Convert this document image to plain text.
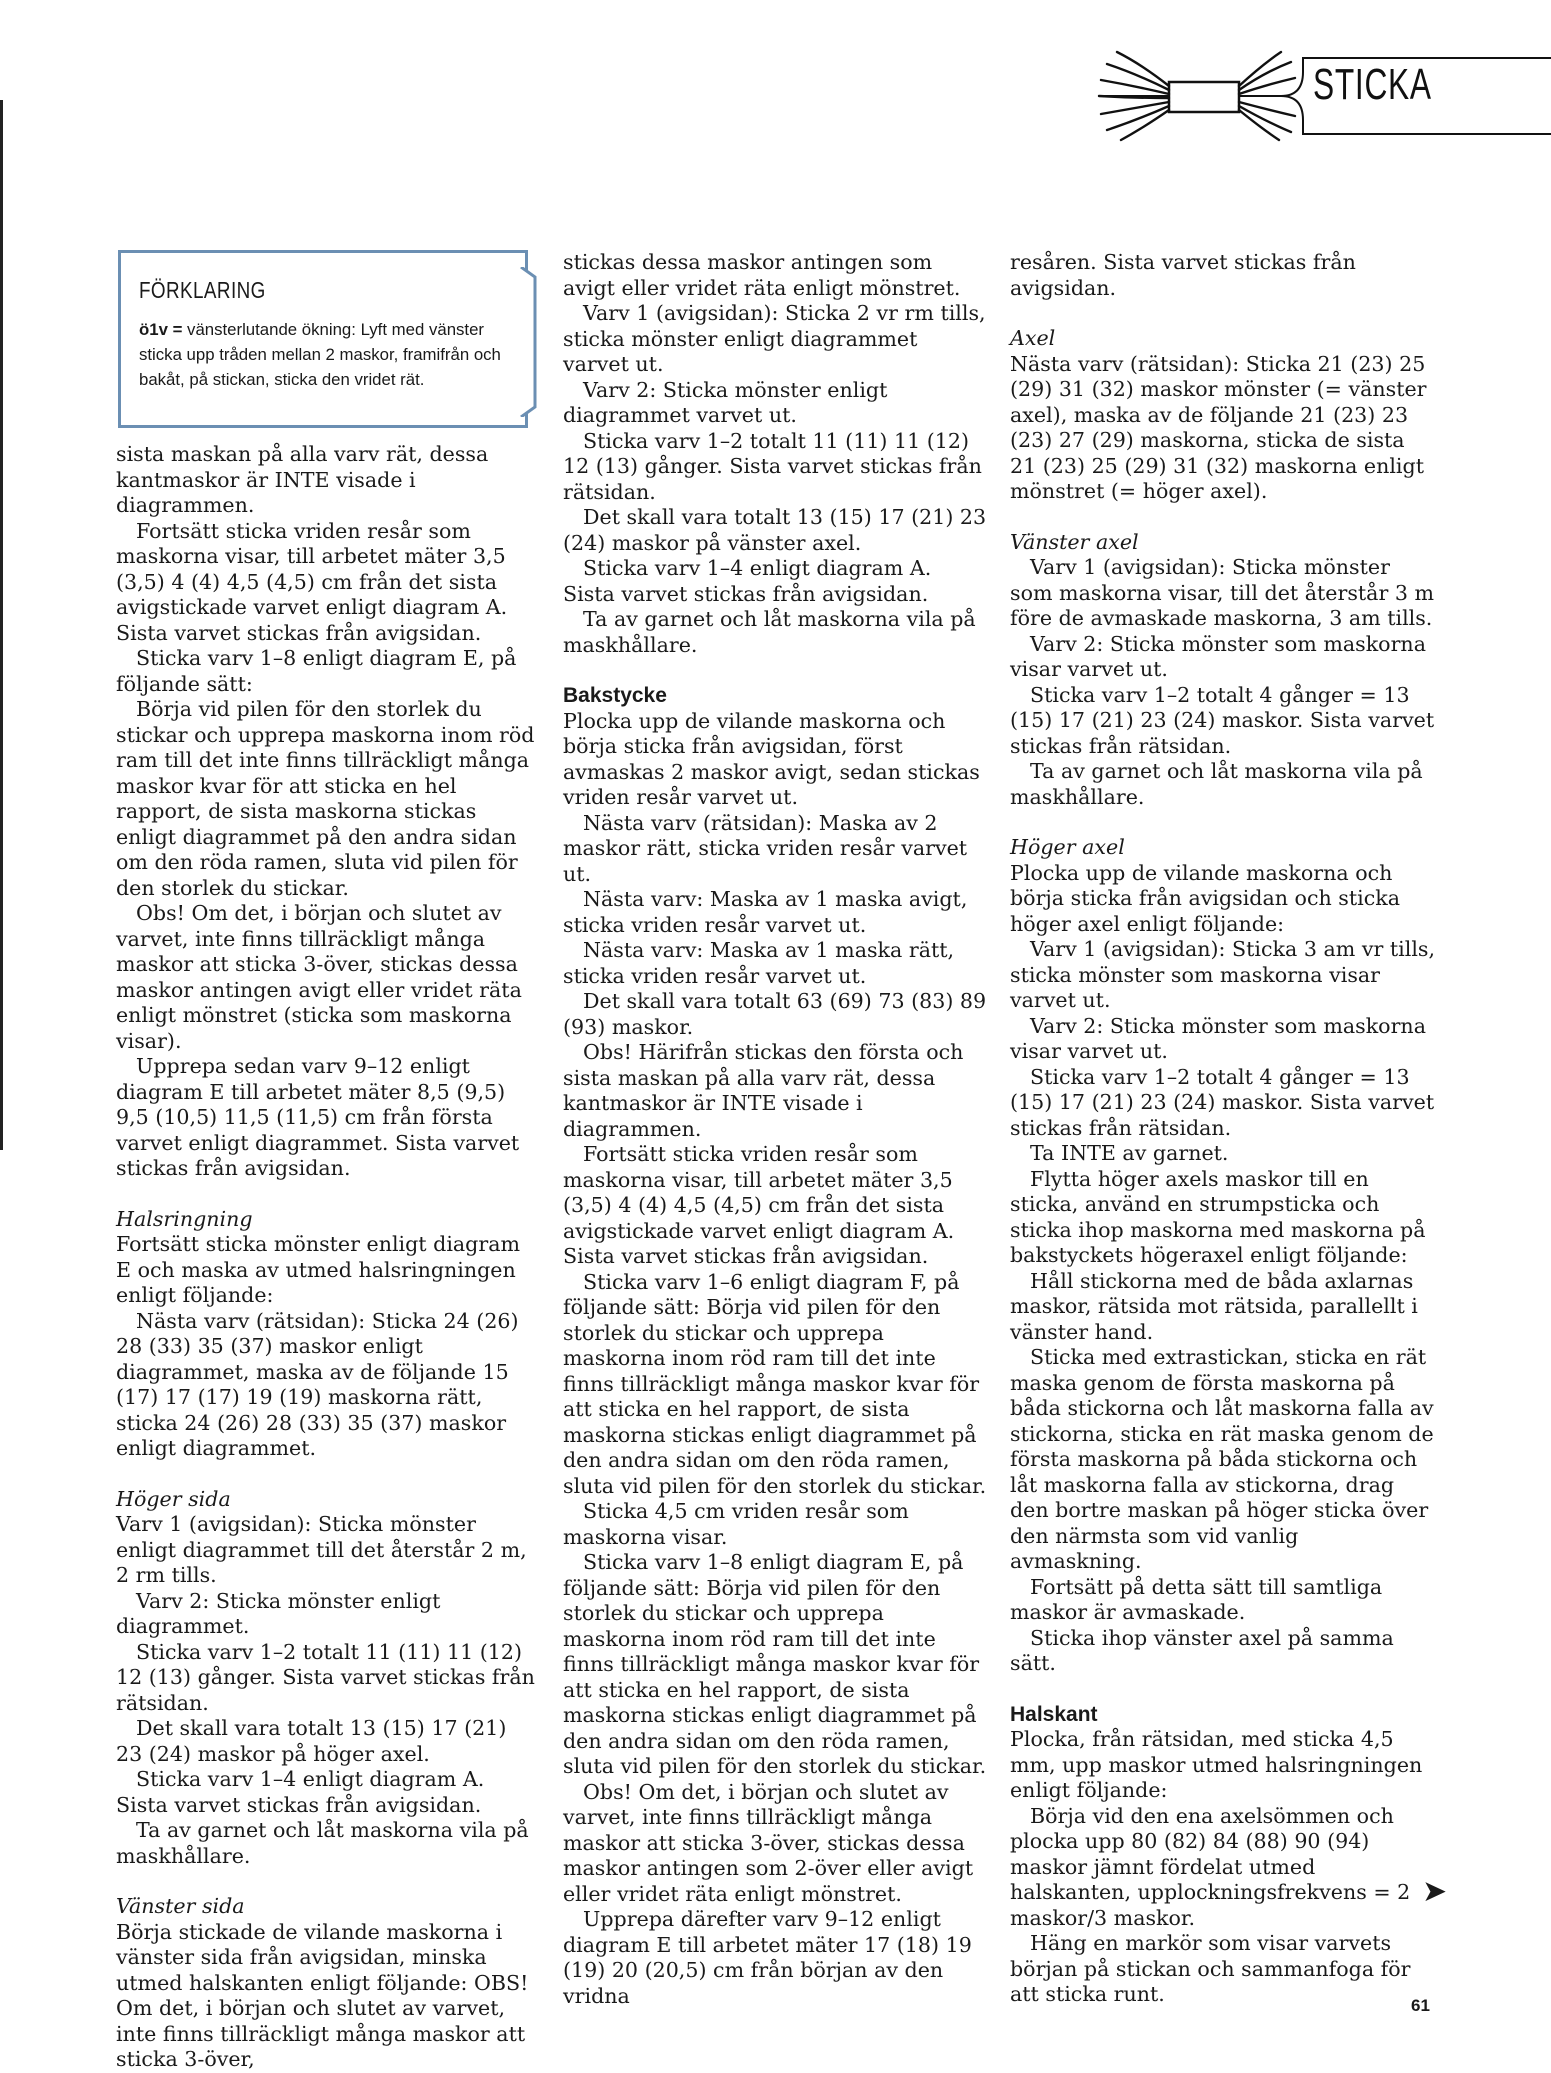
STICKA
FÖRKLARING
ö1v = vänsterlutande ökning: Lyft med vänster sticka upp tråden mellan 2 maskor, framifrån och bakåt, på stickan, sticka den vridet rät.

sista maskan på alla varv rät, dessa kantmaskor är INTE visade i diagrammen.

Fortsätt sticka vriden resår som maskorna visar, till arbetet mäter 3,5 (3,5) 4 (4) 4,5 (4,5) cm från det sista avigstickade varvet enligt diagram A. Sista varvet stickas från avigsidan.

Sticka varv 1–8 enligt diagram E, på följande sätt:

Börja vid pilen för den storlek du stickar och upprepa maskorna inom röd ram till det inte finns tillräckligt många maskor kvar för att sticka en hel rapport, de sista maskorna stickas enligt diagrammet på den andra sidan om den röda ramen, sluta vid pilen för den storlek du stickar.

Obs! Om det, i början och slutet av varvet, inte finns tillräckligt många maskor att sticka 3-över, stickas dessa maskor antingen avigt eller vridet räta enligt mönstret (sticka som maskorna visar).

Upprepa sedan varv 9–12 enligt diagram E till arbetet mäter 8,5 (9,5) 9,5 (10,5) 11,5 (11,5) cm från första varvet enligt diagrammet. Sista varvet stickas från avigsidan.

Halsringning

Fortsätt sticka mönster enligt diagram E och maska av utmed halsringningen enligt följande:

Nästa varv (rätsidan): Sticka 24 (26) 28 (33) 35 (37) maskor enligt diagrammet, maska av de följande 15 (17) 17 (17) 19 (19) maskorna rätt, sticka 24 (26) 28 (33) 35 (37) maskor enligt diagrammet.

Höger sida

Varv 1 (avigsidan): Sticka mönster enligt diagrammet till det återstår 2 m, 2 rm tills.

Varv 2: Sticka mönster enligt diagrammet.

Sticka varv 1–2 totalt 11 (11) 11 (12) 12 (13) gånger. Sista varvet stickas från rätsidan.

Det skall vara totalt 13 (15) 17 (21) 23 (24) maskor på höger axel.

Sticka varv 1–4 enligt diagram A. Sista varvet stickas från avigsidan.

Ta av garnet och låt maskorna vila på maskhållare.

Vänster sida

Börja stickade de vilande maskorna i vänster sida från avigsidan, minska utmed halskanten enligt följande: OBS! Om det, i början och slutet av varvet, inte finns tillräckligt många maskor att sticka 3-över,

stickas dessa maskor antingen som avigt eller vridet räta enligt mönstret.

Varv 1 (avigsidan): Sticka 2 vr rm tills, sticka mönster enligt diagrammet varvet ut.

Varv 2: Sticka mönster enligt diagrammet varvet ut.

Sticka varv 1–2 totalt 11 (11) 11 (12) 12 (13) gånger. Sista varvet stickas från rätsidan.

Det skall vara totalt 13 (15) 17 (21) 23 (24) maskor på vänster axel.

Sticka varv 1–4 enligt diagram A. Sista varvet stickas från avigsidan.

Ta av garnet och låt maskorna vila på maskhållare.

Bakstycke

Plocka upp de vilande maskorna och börja sticka från avigsidan, först avmaskas 2 maskor avigt, sedan stickas vriden resår varvet ut.

Nästa varv (rätsidan): Maska av 2 maskor rätt, sticka vriden resår varvet ut.

Nästa varv: Maska av 1 maska avigt, sticka vriden resår varvet ut.

Nästa varv: Maska av 1 maska rätt, sticka vriden resår varvet ut.

Det skall vara totalt 63 (69) 73 (83) 89 (93) maskor.

Obs! Härifrån stickas den första och sista maskan på alla varv rät, dessa kantmaskor är INTE visade i diagrammen.

Fortsätt sticka vriden resår som maskorna visar, till arbetet mäter 3,5 (3,5) 4 (4) 4,5 (4,5) cm från det sista avigstickade varvet enligt diagram A. Sista varvet stickas från avigsidan.

Sticka varv 1–6 enligt diagram F, på följande sätt: Börja vid pilen för den storlek du stickar och upprepa maskorna inom röd ram till det inte finns tillräckligt många maskor kvar för att sticka en hel rapport, de sista maskorna stickas enligt diagrammet på den andra sidan om den röda ramen, sluta vid pilen för den storlek du stickar.

Sticka 4,5 cm vriden resår som maskorna visar.

Sticka varv 1–8 enligt diagram E, på följande sätt: Börja vid pilen för den storlek du stickar och upprepa maskorna inom röd ram till det inte finns tillräckligt många maskor kvar för att sticka en hel rapport, de sista maskorna stickas enligt diagrammet på den andra sidan om den röda ramen, sluta vid pilen för den storlek du stickar.

Obs! Om det, i början och slutet av varvet, inte finns tillräckligt många maskor att sticka 3-över, stickas dessa maskor antingen som 2-över eller avigt eller vridet räta enligt mönstret.

Upprepa därefter varv 9–12 enligt diagram E till arbetet mäter 17 (18) 19 (19) 20 (20,5) cm från början av den vridna

resåren. Sista varvet stickas från avigsidan.

Axel

Nästa varv (rätsidan): Sticka 21 (23) 25 (29) 31 (32) maskor mönster (= vänster axel), maska av de följande 21 (23) 23 (23) 27 (29) maskorna, sticka de sista 21 (23) 25 (29) 31 (32) maskorna enligt mönstret (= höger axel).

Vänster axel

Varv 1 (avigsidan): Sticka mönster som maskorna visar, till det återstår 3 m före de avmaskade maskorna, 3 am tills.

Varv 2: Sticka mönster som maskorna visar varvet ut.

Sticka varv 1–2 totalt 4 gånger = 13 (15) 17 (21) 23 (24) maskor. Sista varvet stickas från rätsidan.

Ta av garnet och låt maskorna vila på maskhållare.

Höger axel

Plocka upp de vilande maskorna och börja sticka från avigsidan och sticka höger axel enligt följande:

Varv 1 (avigsidan): Sticka 3 am vr tills, sticka mönster som maskorna visar varvet ut.

Varv 2: Sticka mönster som maskorna visar varvet ut.

Sticka varv 1–2 totalt 4 gånger = 13 (15) 17 (21) 23 (24) maskor. Sista varvet stickas från rätsidan.

Ta INTE av garnet.

Flytta höger axels maskor till en sticka, använd en strumpsticka och sticka ihop maskorna med maskorna på bakstyckets högeraxel enligt följande:

Håll stickorna med de båda axlarnas maskor, rätsida mot rätsida, parallellt i vänster hand.

Sticka med extrastickan, sticka en rät maska genom de första maskorna på båda stickorna och låt maskorna falla av stickorna, sticka en rät maska genom de första maskorna på båda stickorna och låt maskorna falla av stickorna, drag den bortre maskan på höger sticka över den närmsta som vid vanlig avmaskning.

Fortsätt på detta sätt till samtliga maskor är avmaskade.

Sticka ihop vänster axel på samma sätt.

Halskant

Plocka, från rätsidan, med sticka 4,5 mm, upp maskor utmed halsringningen enligt följande:

Börja vid den ena axelsömmen och plocka upp 80 (82) 84 (88) 90 (94) maskor jämnt fördelat utmed halskanten, upplockningsfrekvens = 2 maskor/3 maskor.

Häng en markör som visar varvets början på stickan och sammanfoga för att sticka runt.

➤
61
